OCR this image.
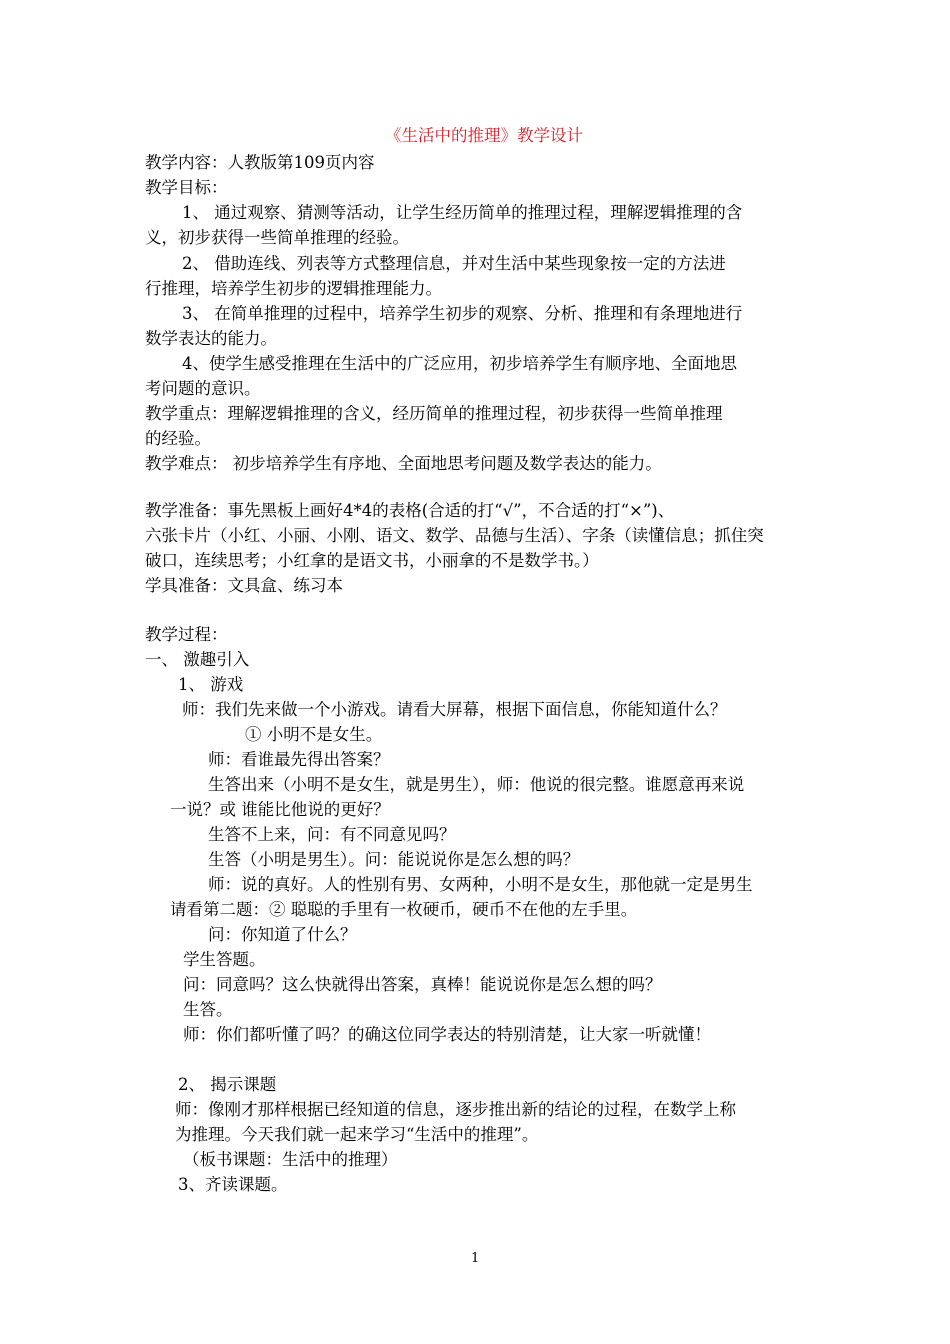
《生活中的推理》教学设计
教学内容：人教版第109页内容
教学目标：
1、 通过观察、猜测等活动，让学生经历简单的推理过程，理解逻辑推理的含
义，初步获得一些简单推理的经验。
2、 借助连线、列表等方式整理信息，并对生活中某些现象按一定的方法进
行推理，培养学生初步的逻辑推理能力。
3、 在简单推理的过程中，培养学生初步的观察、分析、推理和有条理地进行
数学表达的能力。
4、使学生感受推理在生活中的广泛应用，初步培养学生有顺序地、全面地思
考问题的意识。
教学重点：理解逻辑推理的含义，经历简单的推理过程，初步获得一些简单推理
的经验。
教学难点： 初步培养学生有序地、全面地思考问题及数学表达的能力。
教学准备：事先黑板上画好4*4的表格(合适的打“√”，不合适的打“×”)、
六张卡片（小红、小丽、小刚、语文、数学、品德与生活）、字条（读懂信息；抓住突
破口，连续思考；小红拿的是语文书，小丽拿的不是数学书。）
学具准备：文具盒、练习本
教学过程：
一、 激趣引入
1、 游戏
师：我们先来做一个小游戏。请看大屏幕，根据下面信息，你能知道什么？
① 小明不是女生。
师：看谁最先得出答案？
生答出来（小明不是女生，就是男生），师：他说的很完整。谁愿意再来说
一说？或 谁能比他说的更好？
生答不上来，问：有不同意见吗？
生答（小明是男生）。问：能说说你是怎么想的吗？
师：说的真好。人的性别有男、女两种，小明不是女生，那他就一定是男生
请看第二题：② 聪聪的手里有一枚硬币，硬币不在他的左手里。
问：你知道了什么？
学生答题。
问：同意吗？这么快就得出答案，真棒！能说说你是怎么想的吗？
生答。
师：你们都听懂了吗？的确这位同学表达的特别清楚，让大家一听就懂！
2、 揭示课题
师：像刚才那样根据已经知道的信息，逐步推出新的结论的过程，在数学上称
为推理。今天我们就一起来学习“生活中的推理”。
（板书课题：生活中的推理）
3、齐读课题。
1
